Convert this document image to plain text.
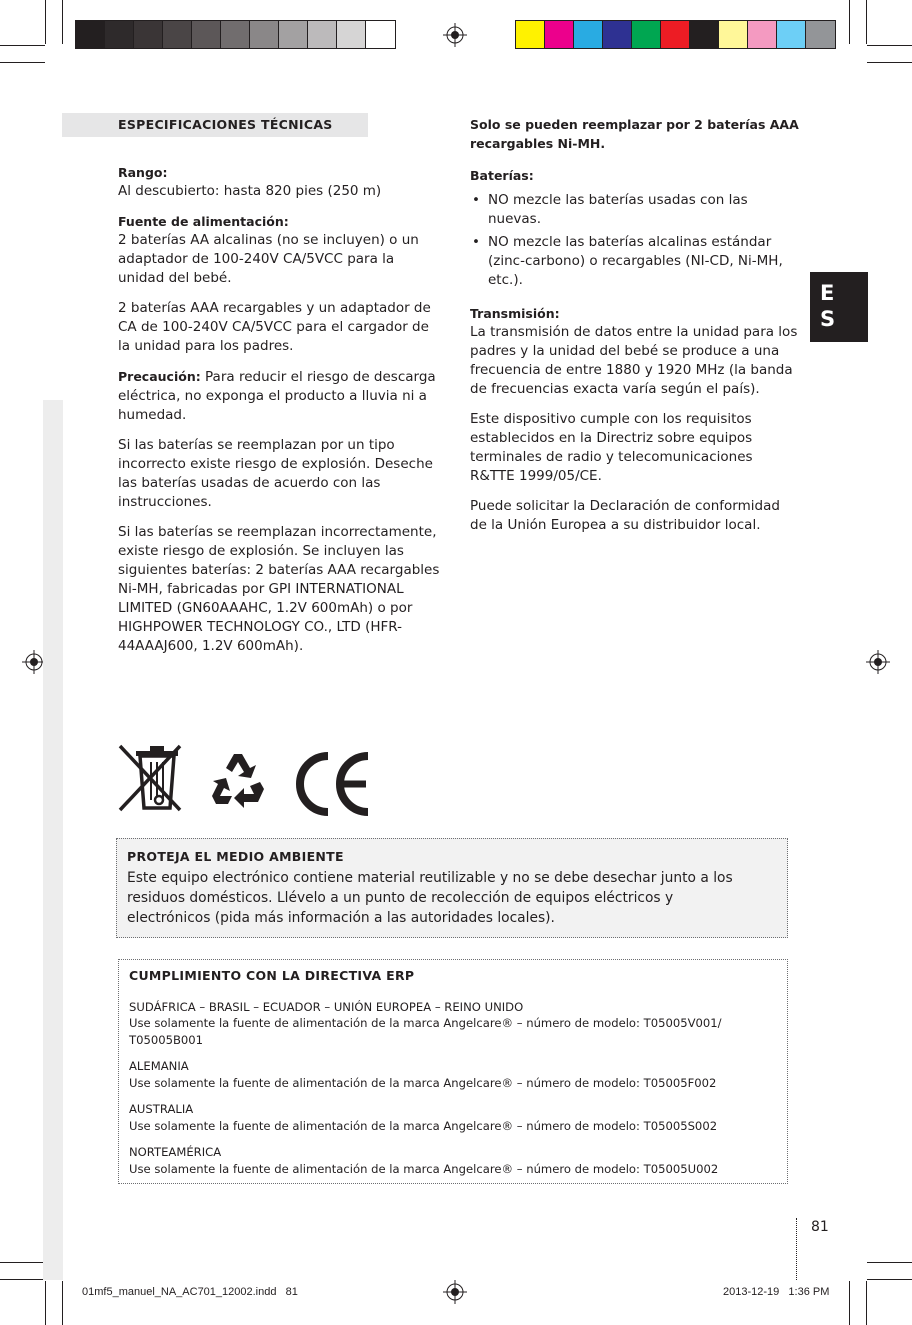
E
S
ESPECIFICACIONES TÉCNICAS

Rango:
Al descubierto: hasta 820 pies (250 m)

Fuente de alimentación:
2 baterías AA alcalinas (no se incluyen) o un adaptador de 100-240V CA/5VCC para la unidad del bebé.

2 baterías AAA recargables y un adaptador de CA de 100-240V CA/5VCC para el cargador de la unidad para los padres.

Precaución: Para reducir el riesgo de descarga eléctrica, no exponga el producto a lluvia ni a humedad.

Si las baterías se reemplazan por un tipo incorrecto existe riesgo de explosión. Deseche las baterías usadas de acuerdo con las instrucciones.

Si las baterías se reemplazan incorrectamente, existe riesgo de explosión. Se incluyen las siguientes baterías: 2 baterías AAA recargables Ni-MH, fabricadas por GPI INTERNATIONAL LIMITED (GN60AAAHC, 1.2V 600mAh) o por HIGHPOWER TECHNOLOGY CO., LTD (HFR-44AAAJ600, 1.2V 600mAh).

Solo se pueden reemplazar por 2 baterías AAA recargables Ni-MH.

Baterías:

• NO mezcle las baterías usadas con las nuevas.
• NO mezcle las baterías alcalinas estándar (zinc-carbono) o recargables (NI-CD, Ni-MH, etc.).

Transmisión:
La transmisión de datos entre la unidad para los padres y la unidad del bebé se produce a una frecuencia de entre 1880 y 1920 MHz (la banda de frecuencias exacta varía según el país).

Este dispositivo cumple con los requisitos establecidos en la Directriz sobre equipos terminales de radio y telecomunicaciones R&TTE 1999/05/CE.

Puede solicitar la Declaración de conformidad de la Unión Europea a su distribuidor local.

PROTEJA EL MEDIO AMBIENTE
Este equipo electrónico contiene material reutilizable y no se debe desechar junto a los residuos domésticos. Llévelo a un punto de recolección de equipos eléctricos y electrónicos (pida más información a las autoridades locales).
CUMPLIMIENTO CON LA DIRECTIVA ERP
SUDÁFRICA – BRASIL – ECUADOR – UNIÓN EUROPEA – REINO UNIDO
Use solamente la fuente de alimentación de la marca Angelcare® – número de modelo: T05005V001/ T05005B001
ALEMANIA
Use solamente la fuente de alimentación de la marca Angelcare® – número de modelo: T05005F002
AUSTRALIA
Use solamente la fuente de alimentación de la marca Angelcare® – número de modelo: T05005S002
NORTEAMÉRICA
Use solamente la fuente de alimentación de la marca Angelcare® – número de modelo: T05005U002
81
01mf5_manuel_NA_AC701_12002.indd   81	2013-12-19   1:36 PM
